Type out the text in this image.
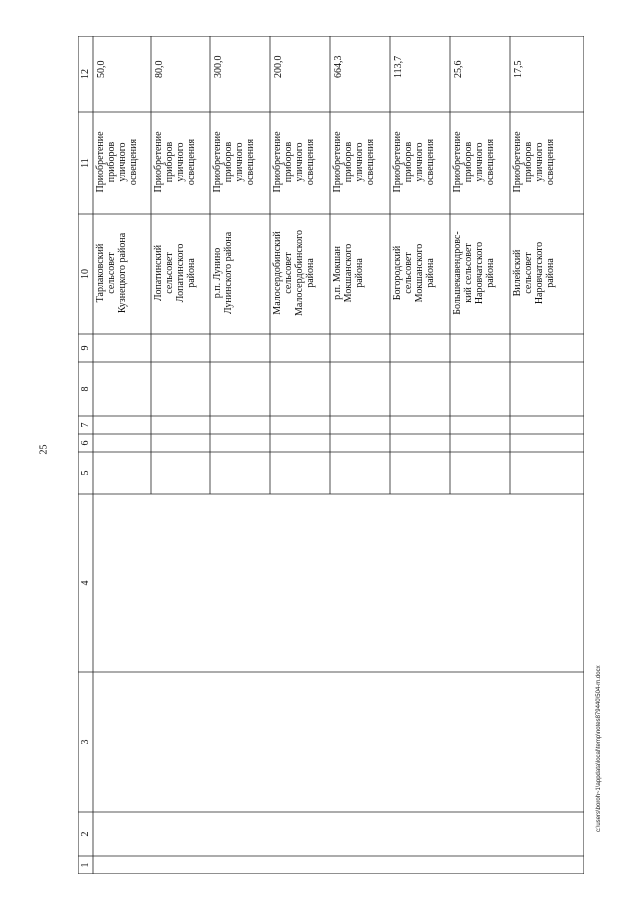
25
12
11
10
9
8
7
6
5
4
3
2
1
50,0
Приобретение
приборов
уличного
освещения
Тарлаковский
сельсовет
Кузнецкого района
80,0
Приобретение
приборов
уличного
освещения
Лопатинский
сельсовет
Лопатинского
района
300,0
Приобретение
приборов
уличного
освещения
р.п. Лунино
Лунинского района
200,0
Приобретение
приборов
уличного
освещения
Малосердобинский
сельсовет
Малосердобинского
района
664,3
Приобретение
приборов
уличного
освещения
р.п. Мокшан
Мокшанского
района
113,7
Приобретение
приборов
уличного
освещения
Богородский
сельсовет
Мокшанского
района
25,6
Приобретение
приборов
уличного
освещения
Большекавендровс-
кий сельсовет
Наровчатского
района
17,5
Приобретение
приборов
уличного
освещения
Вилейский
сельсовет
Наровчатского
района
c:\users\boroh~1\appdata\local\temp\notes879440\504-m.docx
